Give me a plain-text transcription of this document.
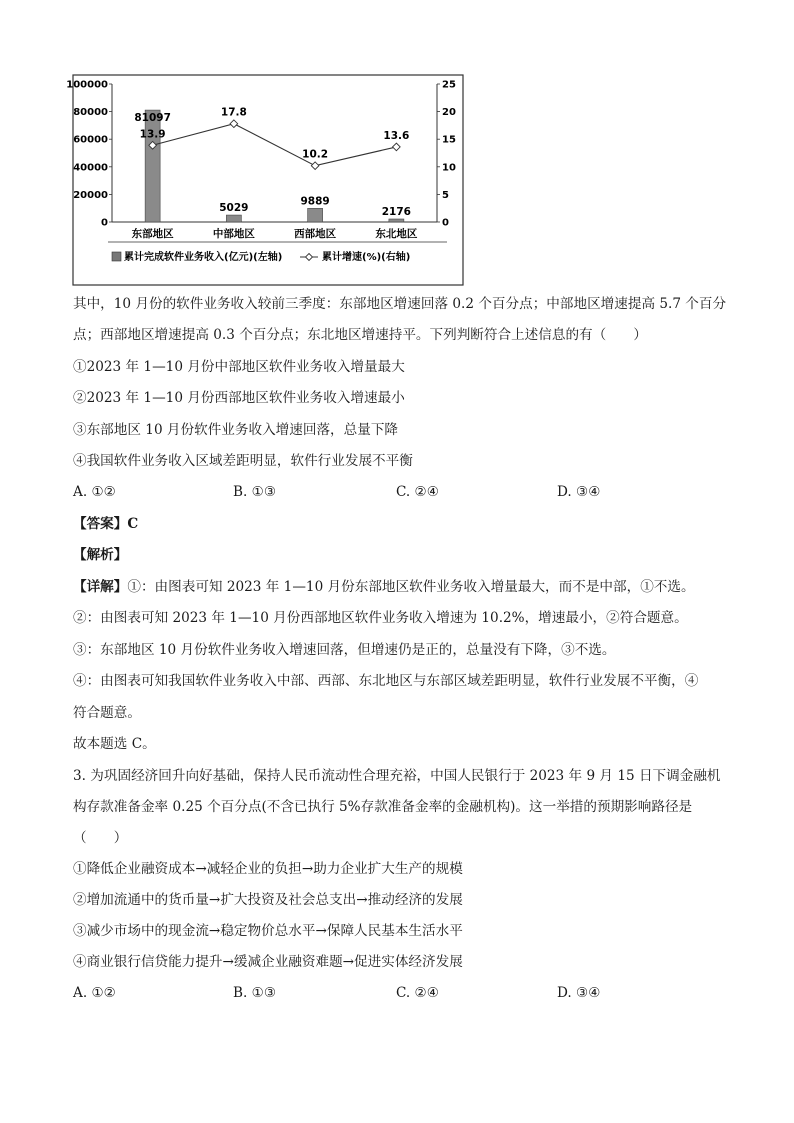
0
20000
40000
60000
80000
100000
0
5
10
15
20
25
81097
5029
9889
2176
13.9
17.8
10.2
13.6
东部地区	中部地区	西部地区	东北地区
累计完成软件业务收入(亿元)(左轴)	累计增速(%)(右轴)
其中，10 月份的软件业务收入较前三季度：东部地区增速回落 0.2 个百分点；中部地区增速提高 5.7 个百分
点；西部地区增速提高 0.3 个百分点；东北地区增速持平。下列判断符合上述信息的有（　　）
①2023 年 1—10 月份中部地区软件业务收入增量最大
②2023 年 1—10 月份西部地区软件业务收入增速最小
③东部地区 10 月份软件业务收入增速回落，总量下降
④我国软件业务收入区域差距明显，软件行业发展不平衡
A. ①②	B. ①③	C. ②④	D. ③④
【答案】C
【解析】
【详解】①：由图表可知 2023 年 1—10 月份东部地区软件业务收入增量最大，而不是中部，①不选。
②：由图表可知 2023 年 1—10 月份西部地区软件业务收入增速为 10.2%，增速最小，②符合题意。
③：东部地区 10 月份软件业务收入增速回落，但增速仍是正的，总量没有下降，③不选。
④：由图表可知我国软件业务收入中部、西部、东北地区与东部区域差距明显，软件行业发展不平衡，④
符合题意。
故本题选 C。
3. 为巩固经济回升向好基础，保持人民币流动性合理充裕，中国人民银行于 2023 年 9 月 15 日下调金融机
构存款准备金率 0.25 个百分点(不含已执行 5%存款准备金率的金融机构)。这一举措的预期影响路径是
（　　）
①降低企业融资成本→减轻企业的负担→助力企业扩大生产的规模
②增加流通中的货币量→扩大投资及社会总支出→推动经济的发展
③减少市场中的现金流→稳定物价总水平→保障人民基本生活水平
④商业银行信贷能力提升→缓减企业融资难题→促进实体经济发展
A. ①②	B. ①③	C. ②④	D. ③④
